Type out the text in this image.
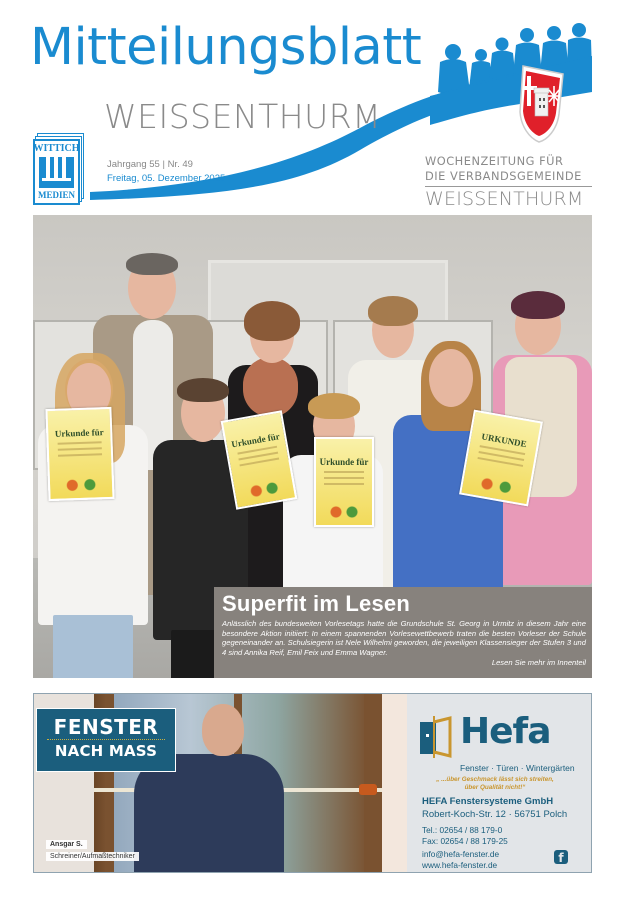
Mitteilungsblatt
WEISSENTHURM
WITTICH
MEDIEN
Jahrgang 55 | Nr. 49
Freitag, 05. Dezember 2025
WOCHENZEITUNG FÜR
DIE VERBANDSGEMEINDE
WEISSENTHURM
Urkunde für	Urkunde für
Urkunde für
URKUNDE
Superfit im Lesen

Anlässlich des bundesweiten Vorlesetags hatte die Grundschule St. Georg in Urmitz in diesem Jahr eine besondere Aktion initiiert: In einem spannenden Vorlesewettbewerb traten die besten Vorleser der Schule gegeneinander an. Schulsiegerin ist Nele Wilhelmi geworden, die jeweiligen Klassensieger der Stufen 3 und 4 sind Annika Reif, Emil Feix und Emma Wagner.

Lesen Sie mehr im Innenteil
FENSTER
NACH MASS
Ansgar S.
Schreiner/Aufmaßtechniker
Hefa
Fenster · Türen · Wintergärten
„ ...über Geschmack lässt sich streiten,
über Qualität nicht!“
HEFA Fenstersysteme GmbH
Robert-Koch-Str. 12 · 56751 Polch
Tel.: 02654 / 88 179-0
Fax: 02654 / 88 179-25
info@hefa-fenster.de
www.hefa-fenster.de	f
